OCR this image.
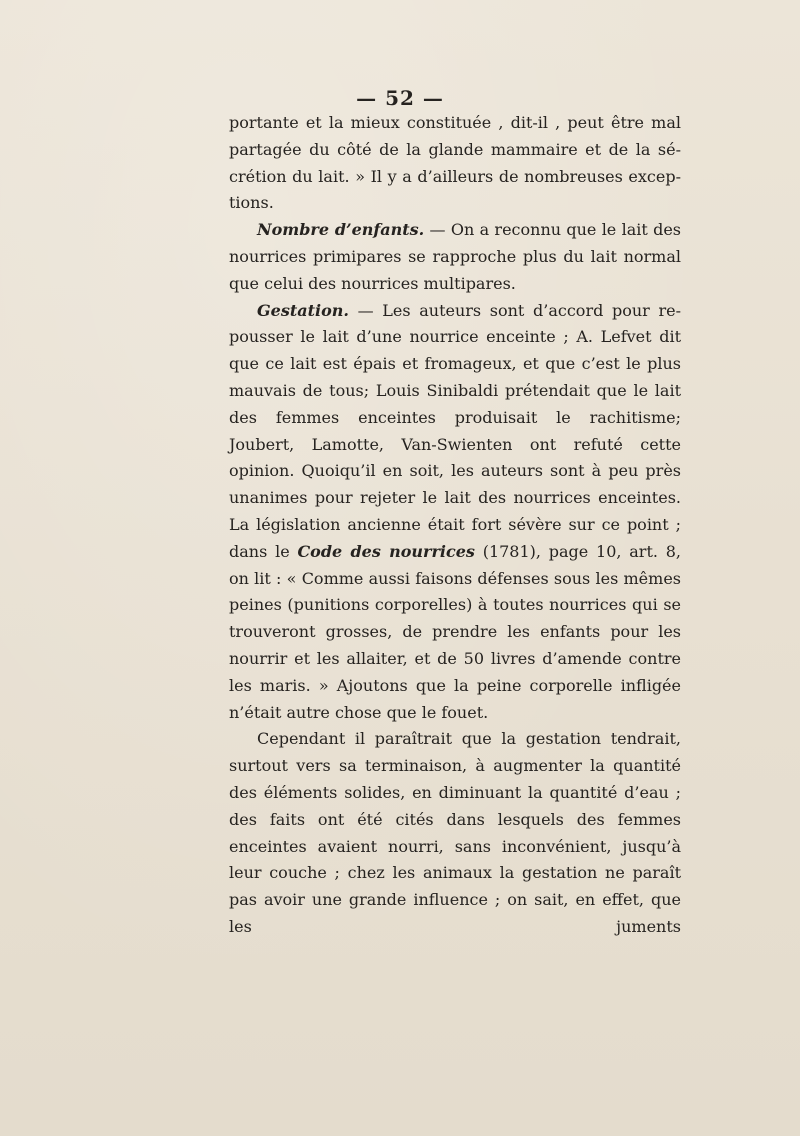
— 52 —

portante et la mieux constituée , dit-il , peut être mal partagée du côté de la glande mammaire et de la sécrétion du lait. » Il y a d’ailleurs de nombreuses exceptions.

Nombre d’enfants. — On a reconnu que le lait des nourrices primipares se rapproche plus du lait normal que celui des nourrices multipares.

Gestation. — Les auteurs sont d’accord pour repousser le lait d’une nourrice enceinte ; A. Lefvet dit que ce lait est épais et fromageux, et que c’est le plus mauvais de tous; Louis Sinibaldi prétendait que le lait des femmes enceintes produisait le rachitisme; Joubert, Lamotte, Van-Swienten ont refuté cette opinion. Quoiqu’il en soit, les auteurs sont à peu près unanimes pour rejeter le lait des nourrices enceintes. La législation ancienne était fort sévère sur ce point ; dans le Code des nourrices (1781), page 10, art. 8, on lit : « Comme aussi faisons défenses sous les mêmes peines (punitions corporelles) à toutes nourrices qui se trouveront grosses, de prendre les enfants pour les nourrir et les allaiter, et de 50 livres d’amende contre les maris. » Ajoutons que la peine corporelle infligée n’était autre chose que le fouet.

Cependant il paraîtrait que la gestation tendrait, surtout vers sa terminaison, à augmenter la quantité des éléments solides, en diminuant la quantité d’eau ; des faits ont été cités dans lesquels des femmes enceintes avaient nourri, sans inconvénient, jusqu’à leur couche ; chez les animaux la gestation ne paraît pas avoir une grande influence ; on sait, en effet, que les juments
